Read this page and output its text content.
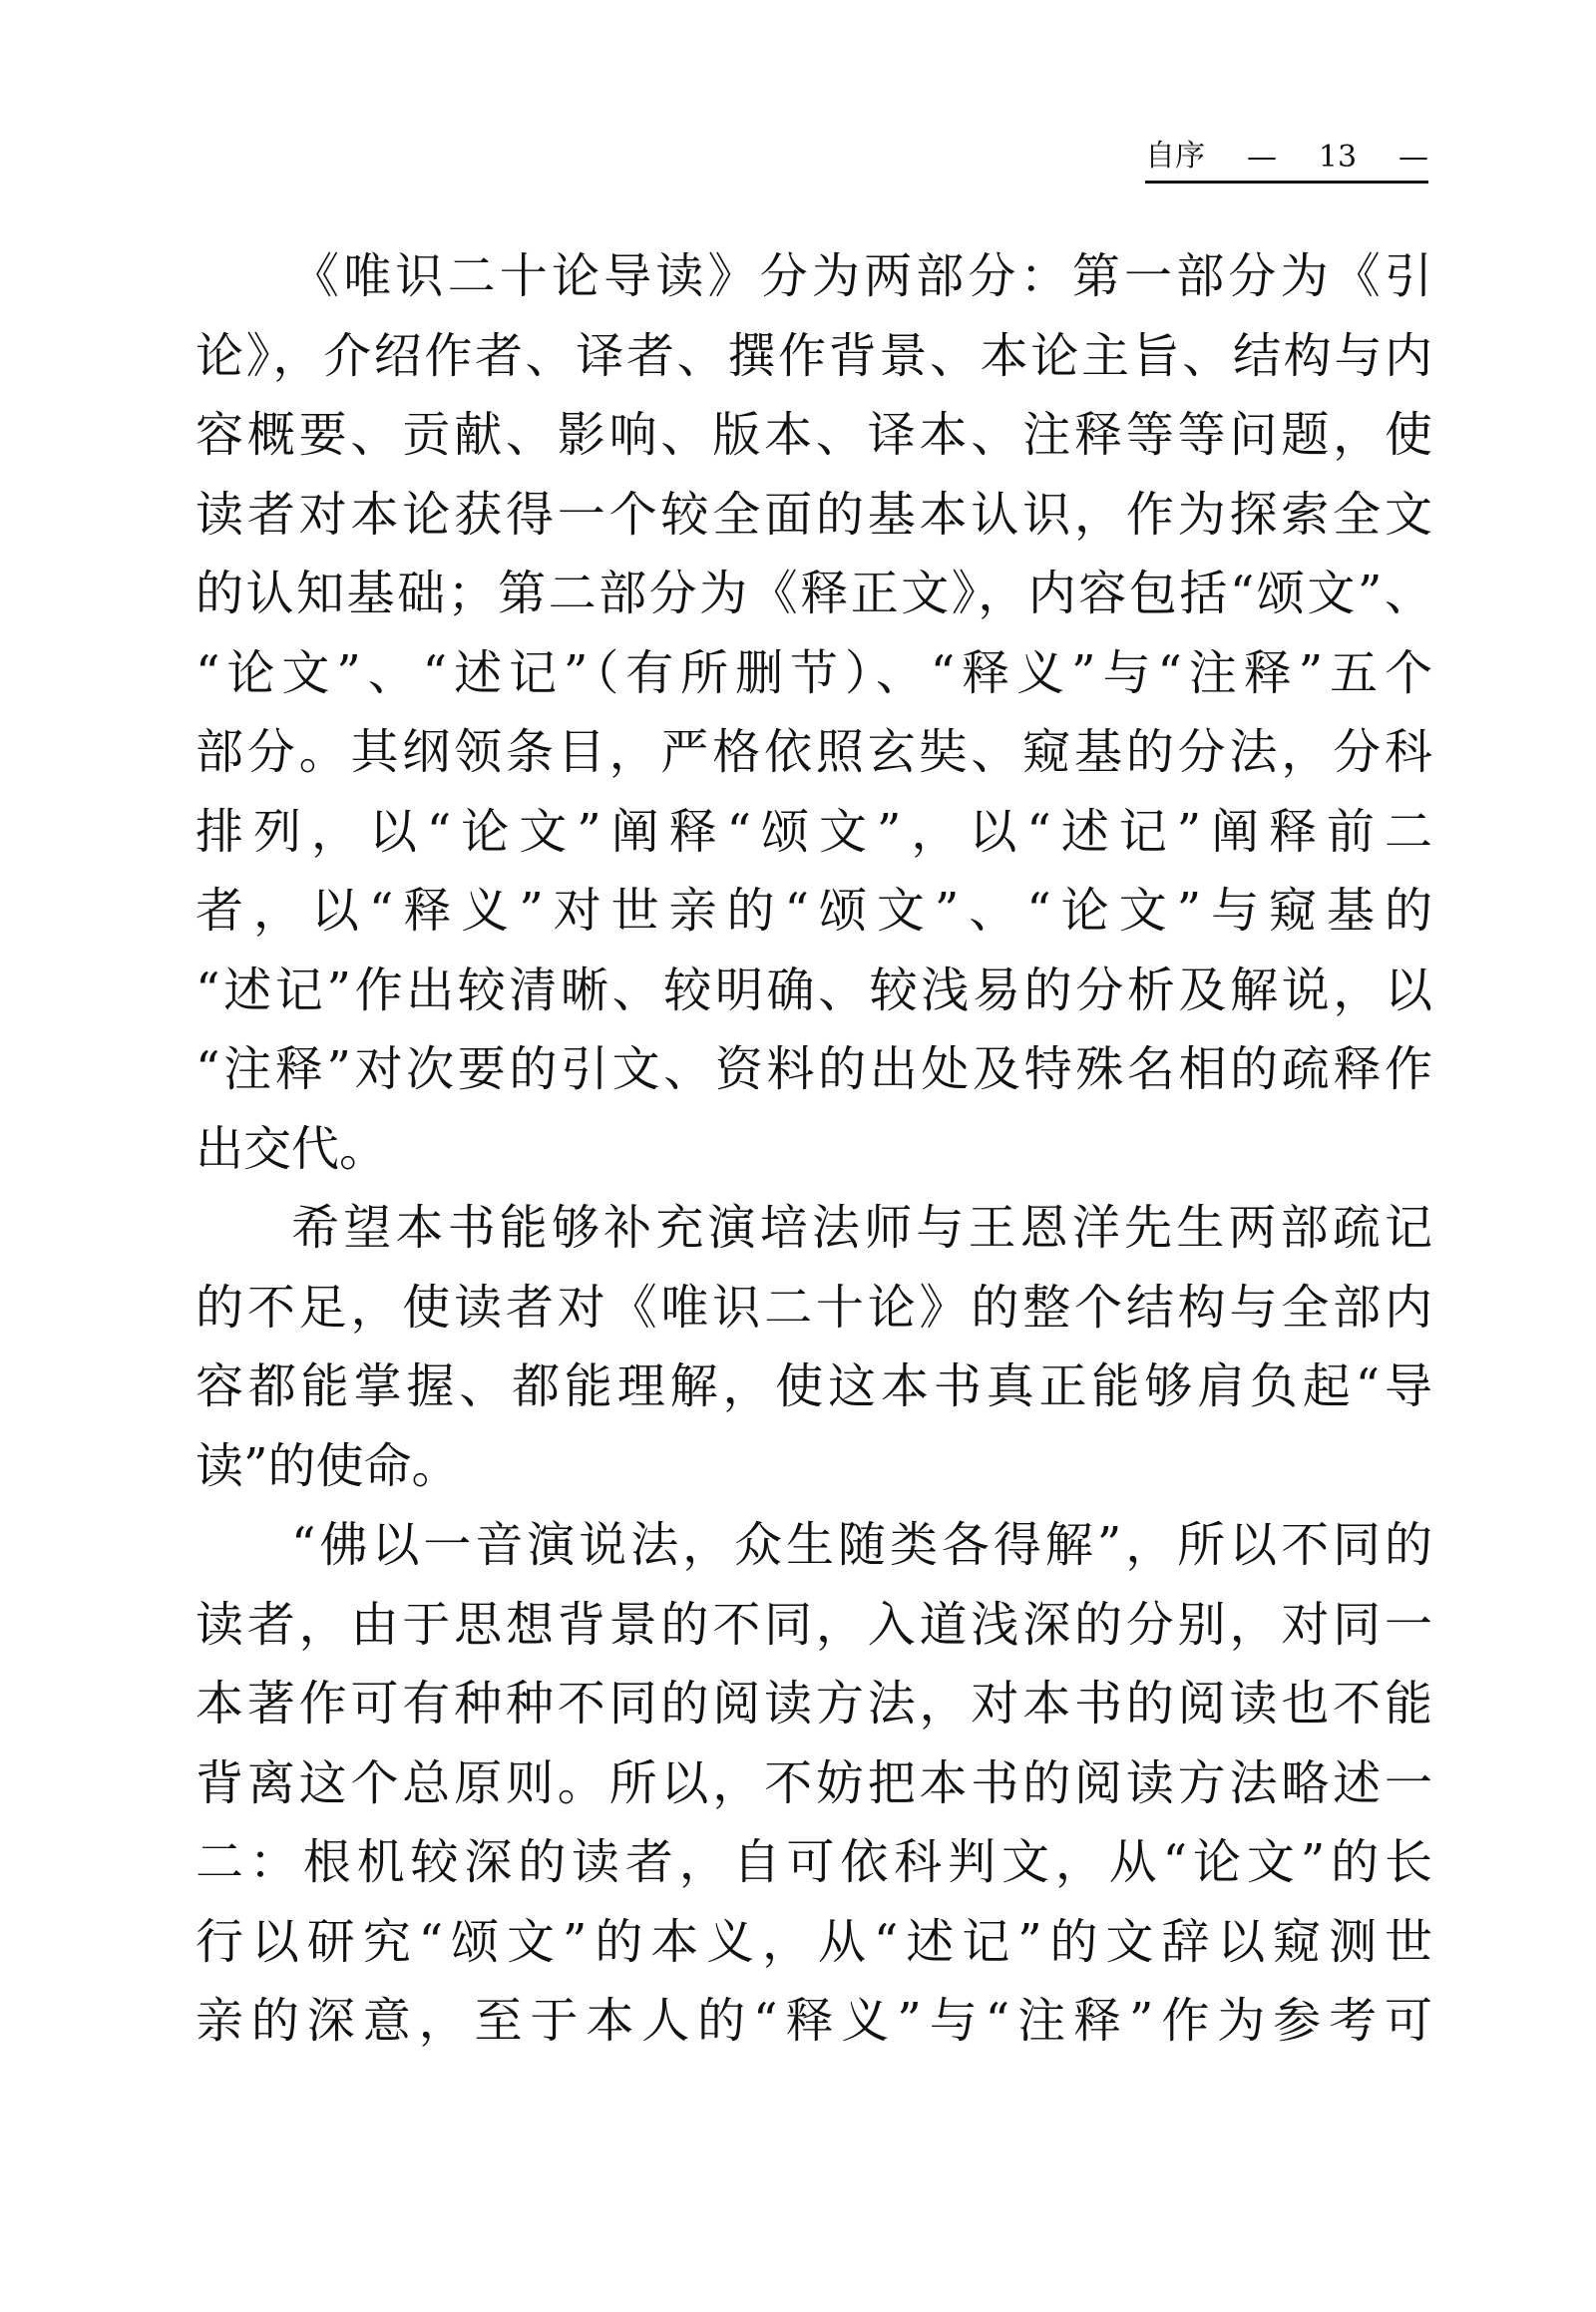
自序 — 13 —
《唯识二十论导读》分为两部分：第一部分为《引
论》，介绍作者、译者、撰作背景、本论主旨、结构与内
容概要、贡献、影响、版本、译本、注释等等问题，使
读者对本论获得一个较全面的基本认识，作为探索全文
的认知基础；第二部分为《释正文》，内容包括“颂文”、
“论文”、“述记”（有所删节）、“释义”与“注释”五个
部分。其纲领条目，严格依照玄奘、窥基的分法，分科
排列，以“论文”阐释“颂文”，以“述记”阐释前二
者，以“释义”对世亲的“颂文”、“论文”与窥基的
“述记”作出较清晰、较明确、较浅易的分析及解说，以
“注释”对次要的引文、资料的出处及特殊名相的疏释作
出交代。
希望本书能够补充演培法师与王恩洋先生两部疏记
的不足，使读者对《唯识二十论》的整个结构与全部内
容都能掌握、都能理解，使这本书真正能够肩负起“导
读”的使命。
“佛以一音演说法，众生随类各得解”，所以不同的
读者，由于思想背景的不同，入道浅深的分别，对同一
本著作可有种种不同的阅读方法，对本书的阅读也不能
背离这个总原则。所以，不妨把本书的阅读方法略述一
二：根机较深的读者，自可依科判文，从“论文”的长
行以研究“颂文”的本义，从“述记”的文辞以窥测世
亲的深意，至于本人的“释义”与“注释”作为参考可
